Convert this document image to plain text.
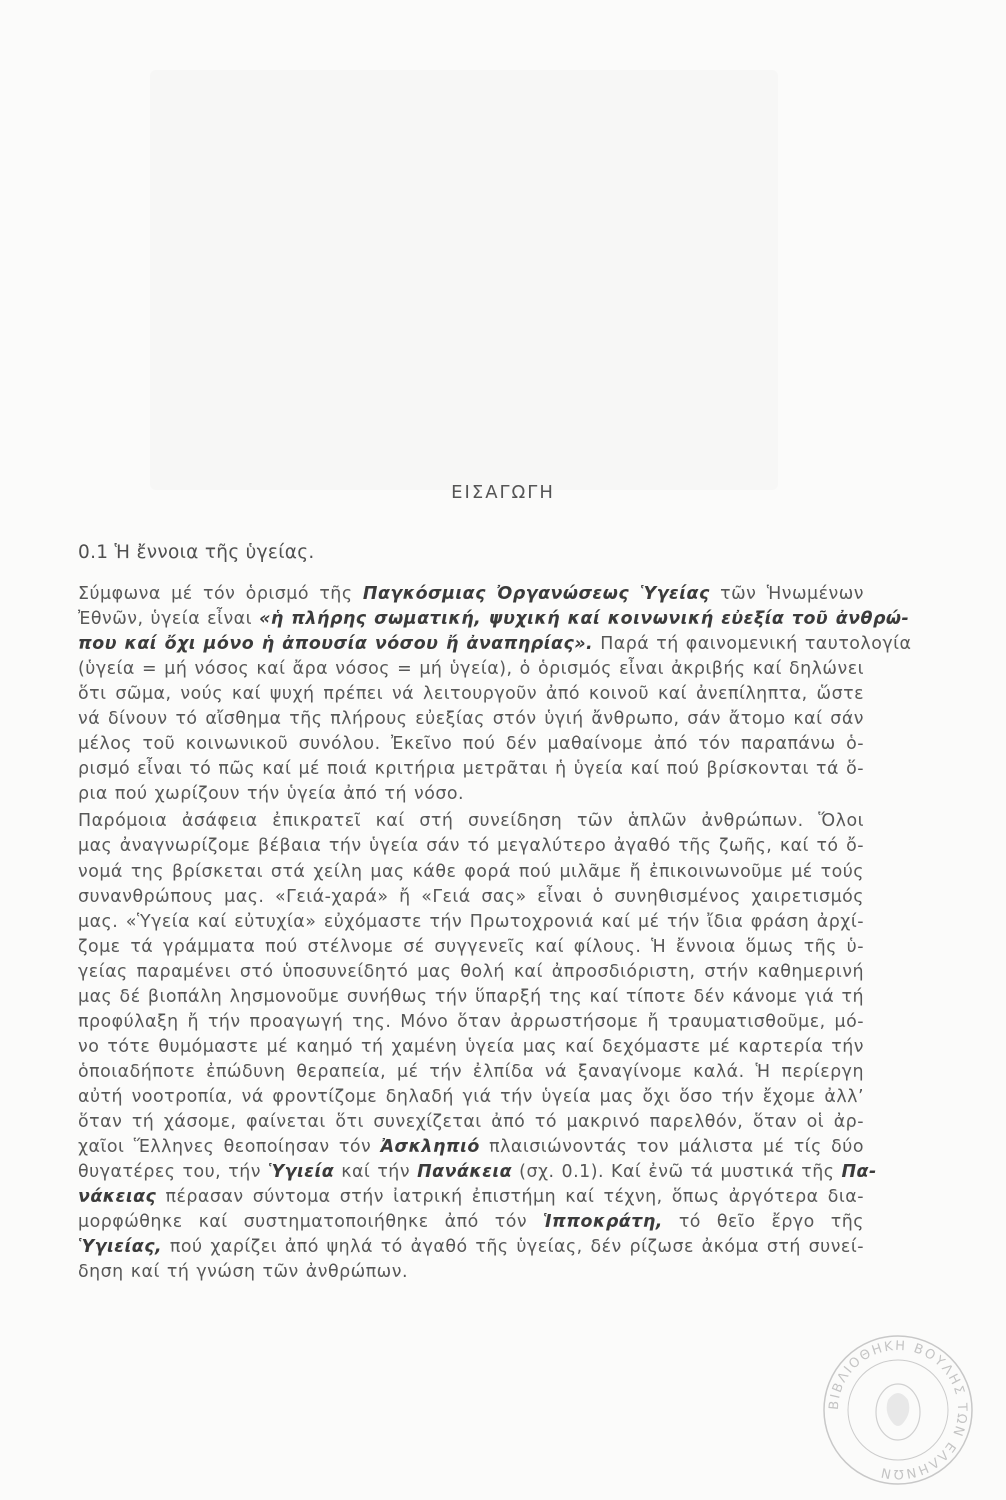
ΕΙΣΑΓΩΓΗ
0.1 Ἡ ἔννοια τῆς ὑγείας.
Σύμφωνα μέ τόν ὁρισμό τῆς Παγκόσμιας Ὀργανώσεως Ὑγείας τῶν Ἡνωμένων
Ἐθνῶν, ὑγεία εἶναι «ἡ πλήρης σωματική, ψυχική καί κοινωνική εὐεξία τοῦ ἀνθρώ-
που καί ὄχι μόνο ἡ ἀπουσία νόσου ἤ ἀναπηρίας». Παρά τή φαινομενική ταυτολογία
(ὑγεία = μή νόσος καί ἄρα νόσος = μή ὑγεία), ὁ ὁρισμός εἶναι ἀκριβής καί δηλώνει
ὅτι σῶμα, νούς καί ψυχή πρέπει νά λειτουργοῦν ἀπό κοινοῦ καί ἀνεπίληπτα, ὥστε
νά δίνουν τό αἴσθημα τῆς πλήρους εὐεξίας στόν ὑγιή ἄνθρωπο, σάν ἄτομο καί σάν
μέλος τοῦ κοινωνικοῦ συνόλου. Ἐκεῖνο πού δέν μαθαίνομε ἀπό τόν παραπάνω ὁ-
ρισμό εἶναι τό πῶς καί μέ ποιά κριτήρια μετρᾶται ἡ ὑγεία καί πού βρίσκονται τά ὅ-
ρια πού χωρίζουν τήν ὑγεία ἀπό τή νόσο.
Παρόμοια ἀσάφεια ἐπικρατεῖ καί στή συνείδηση τῶν ἁπλῶν ἀνθρώπων. Ὅλοι
μας ἀναγνωρίζομε βέβαια τήν ὑγεία σάν τό μεγαλύτερο ἀγαθό τῆς ζωῆς, καί τό ὄ-
νομά της βρίσκεται στά χείλη μας κάθε φορά πού μιλᾶμε ἤ ἐπικοινωνοῦμε μέ τούς
συνανθρώπους μας. «Γειά-χαρά» ἤ «Γειά σας» εἶναι ὁ συνηθισμένος χαιρετισμός
μας. «Ὑγεία καί εὐτυχία» εὐχόμαστε τήν Πρωτοχρονιά καί μέ τήν ἴδια φράση ἀρχί-
ζομε τά γράμματα πού στέλνομε σέ συγγενεῖς καί φίλους. Ἡ ἔννοια ὅμως τῆς ὑ-
γείας παραμένει στό ὑποσυνείδητό μας θολή καί ἀπροσδιόριστη, στήν καθημερινή
μας δέ βιοπάλη λησμονοῦμε συνήθως τήν ὕπαρξή της καί τίποτε δέν κάνομε γιά τή
προφύλαξη ἤ τήν προαγωγή της. Μόνο ὅταν ἀρρωστήσομε ἤ τραυματισθοῦμε, μό-
νο τότε θυμόμαστε μέ καημό τή χαμένη ὑγεία μας καί δεχόμαστε μέ καρτερία τήν
ὁποιαδήποτε ἐπώδυνη θεραπεία, μέ τήν ἐλπίδα νά ξαναγίνομε καλά. Ἡ περίεργη
αὐτή νοοτροπία, νά φροντίζομε δηλαδή γιά τήν ὑγεία μας ὄχι ὅσο τήν ἔχομε ἀλλ’
ὅταν τή χάσομε, φαίνεται ὅτι συνεχίζεται ἀπό τό μακρινό παρελθόν, ὅταν οἱ ἀρ-
χαῖοι Ἕλληνες θεοποίησαν τόν Ἀσκληπιό πλαισιώνοντάς τον μάλιστα μέ τίς δύο
θυγατέρες του, τήν Ὑγιεία καί τήν Πανάκεια (σχ. 0.1). Καί ἐνῶ τά μυστικά τῆς Πα-
νάκειας πέρασαν σύντομα στήν ἰατρική ἐπιστήμη καί τέχνη, ὅπως ἀργότερα δια-
μορφώθηκε καί συστηματοποιήθηκε ἀπό τόν Ἱπποκράτη, τό θεῖο ἔργο τῆς
Ὑγιείας, πού χαρίζει ἀπό ψηλά τό ἀγαθό τῆς ὑγείας, δέν ρίζωσε ἀκόμα στή συνεί-
δηση καί τή γνώση τῶν ἀνθρώπων.
ΒΙΒΛΙΟΘΗΚΗ ΒΟΥΛΗΣ ΤΩΝ ΕΛΛΗΝΩΝ
